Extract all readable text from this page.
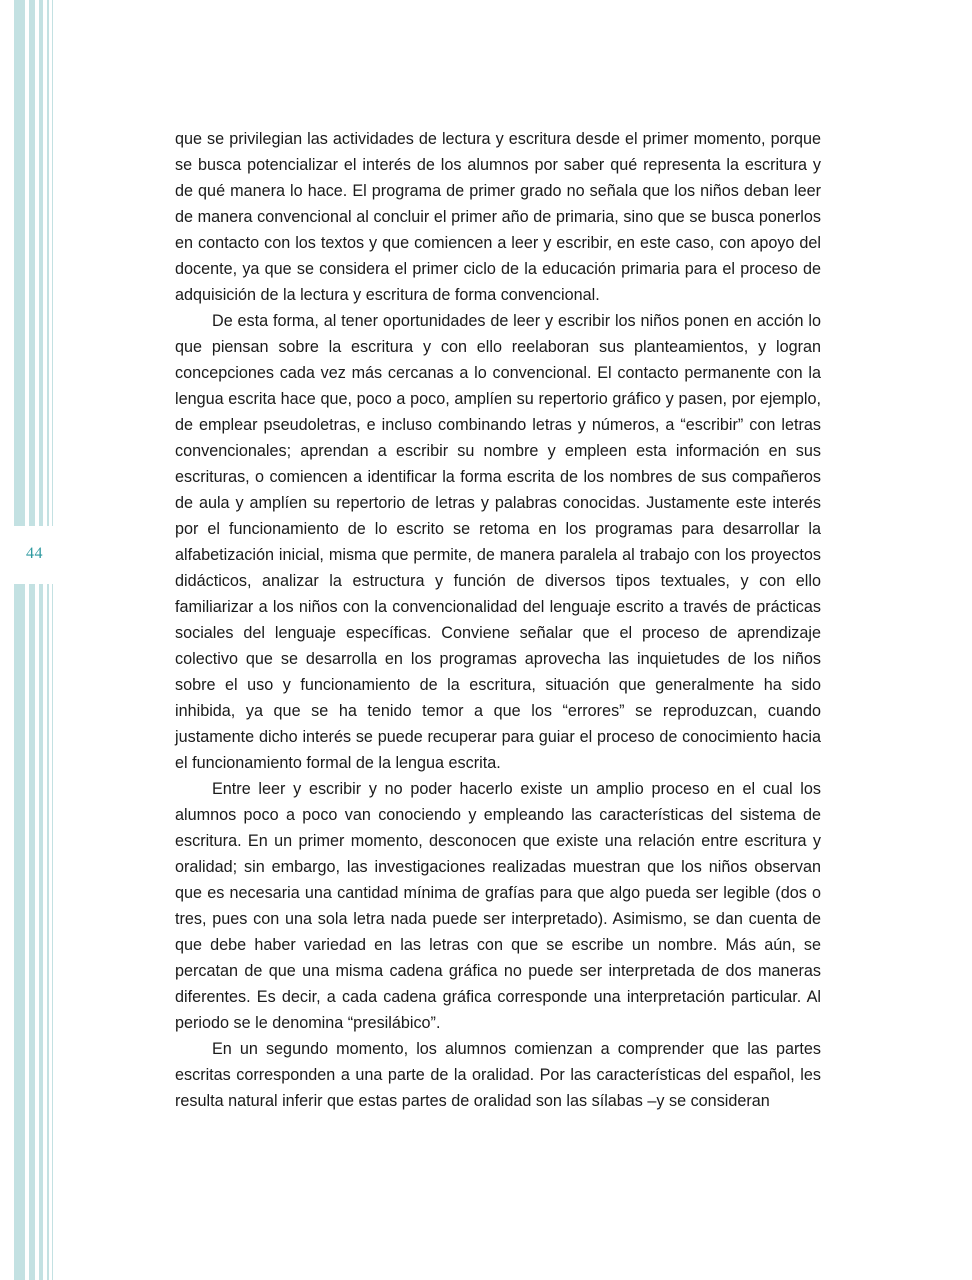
44

que se privilegian las actividades de lectura y escritura desde el primer momento, porque se busca potencializar el interés de los alumnos por saber qué representa la escritura y de qué manera lo hace. El programa de primer grado no señala que los niños deban leer de manera convencional al concluir el primer año de primaria, sino que se busca ponerlos en contacto con los textos y que comiencen a leer y escribir, en este caso, con apoyo del docente, ya que se considera el primer ciclo de la educación primaria para el proceso de adquisición de la lectura y escritura de forma convencional.

De esta forma, al tener oportunidades de leer y escribir los niños ponen en acción lo que piensan sobre la escritura y con ello reelaboran sus planteamientos, y logran concepciones cada vez más cercanas a lo convencional. El contacto permanente con la lengua escrita hace que, poco a poco, amplíen su repertorio gráfico y pasen, por ejemplo, de emplear pseudoletras, e incluso combinando letras y números, a “escribir” con letras convencionales; aprendan a escribir su nombre y empleen esta información en sus escrituras, o comiencen a identificar la forma escrita de los nombres de sus compañeros de aula y amplíen su repertorio de letras y palabras conocidas. Justamente este interés por el funcionamiento de lo escrito se retoma en los programas para desarrollar la alfabetización inicial, misma que permite, de manera paralela al trabajo con los proyectos didácticos, analizar la estructura y función de diversos tipos textuales, y con ello familiarizar a los niños con la convencionalidad del lenguaje escrito a través de prácticas sociales del lenguaje específicas. Conviene señalar que el proceso de aprendizaje colectivo que se desarrolla en los programas aprovecha las inquietudes de los niños sobre el uso y funcionamiento de la escritura, situación que generalmente ha sido inhibida, ya que se ha tenido temor a que los “errores” se reproduzcan, cuando justamente dicho interés se puede recuperar para guiar el proceso de conocimiento hacia el funcionamiento formal de la lengua escrita.

Entre leer y escribir y no poder hacerlo existe un amplio proceso en el cual los alumnos poco a poco van conociendo y empleando las características del sistema de escritura. En un primer momento, desconocen que existe una relación entre escritura y oralidad; sin embargo, las investigaciones realizadas muestran que los niños observan que es necesaria una cantidad mínima de grafías para que algo pueda ser legible (dos o tres, pues con una sola letra nada puede ser interpretado). Asimismo, se dan cuenta de que debe haber variedad en las letras con que se escribe un nombre. Más aún, se percatan de que una misma cadena gráfica no puede ser interpretada de dos maneras diferentes. Es decir, a cada cadena gráfica corresponde una interpretación particular. Al periodo se le denomina “presilábico”.

En un segundo momento, los alumnos comienzan a comprender que las partes escritas corresponden a una parte de la oralidad. Por las características del español, les resulta natural inferir que estas partes de oralidad son las sílabas –y se consideran
